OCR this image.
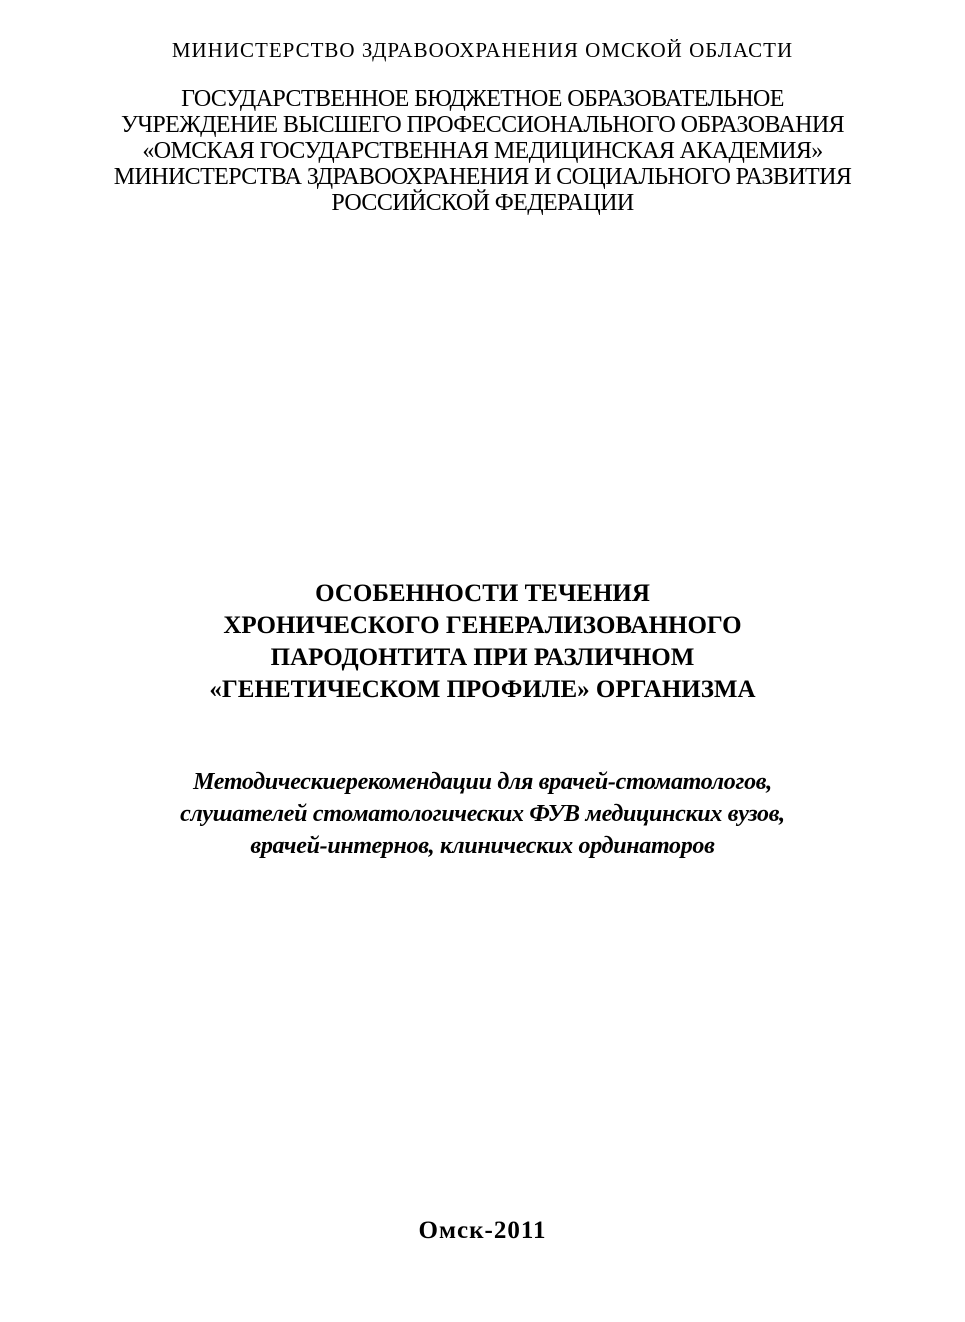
МИНИСТЕРСТВО ЗДРАВООХРАНЕНИЯ ОМСКОЙ ОБЛАСТИ
ГОСУДАРСТВЕННОЕ БЮДЖЕТНОЕ ОБРАЗОВАТЕЛЬНОЕ
УЧРЕЖДЕНИЕ ВЫСШЕГО ПРОФЕССИОНАЛЬНОГО ОБРАЗОВАНИЯ
«ОМСКАЯ ГОСУДАРСТВЕННАЯ МЕДИЦИНСКАЯ АКАДЕМИЯ»
МИНИСТЕРСТВА ЗДРАВООХРАНЕНИЯ И СОЦИАЛЬНОГО РАЗВИТИЯ
РОССИЙСКОЙ ФЕДЕРАЦИИ
ОСОБЕННОСТИ ТЕЧЕНИЯ
ХРОНИЧЕСКОГО ГЕНЕРАЛИЗОВАННОГО
ПАРОДОНТИТА ПРИ РАЗЛИЧНОМ
«ГЕНЕТИЧЕСКОМ ПРОФИЛЕ» ОРГАНИЗМА
Методическиерекомендации для врачей-стоматологов,
слушателей стоматологических ФУВ медицинских вузов,
врачей-интернов, клинических ординаторов
Омск-2011
